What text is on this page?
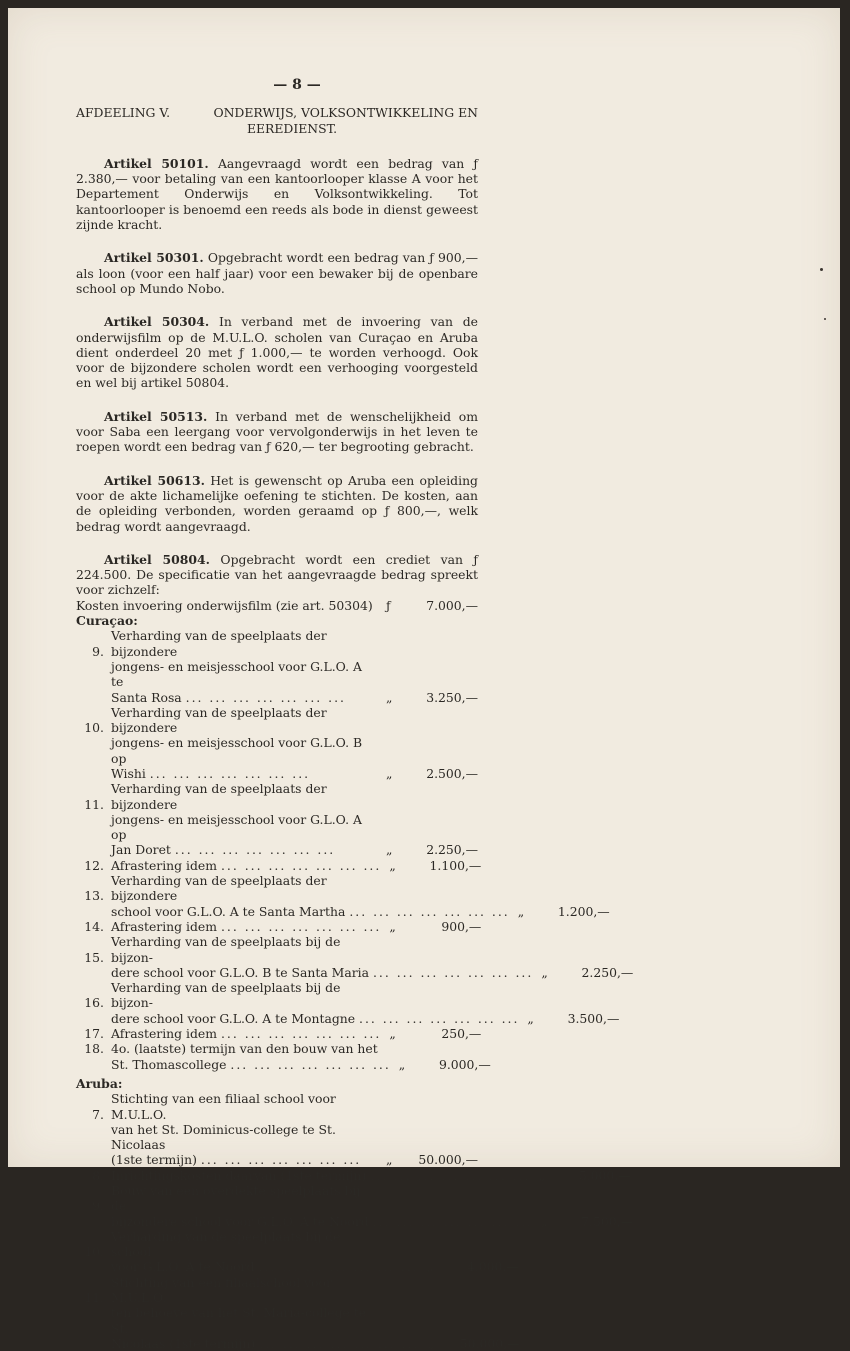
— 8 —
AFDEELING V.	ONDERWIJS, VOLKSONTWIKKELING EN
EEREDIENST.
Artikel 50101. Aangevraagd wordt een bedrag van ƒ 2.380,— voor betaling van een kantoorlooper klasse A voor het Departement Onderwijs en Volksontwikkeling. Tot kantoorlooper is benoemd een reeds als bode in dienst geweest zijnde kracht.
Artikel 50301. Opgebracht wordt een bedrag van ƒ 900,— als loon (voor een half jaar) voor een bewaker bij de openbare school op Mundo Nobo.
Artikel 50304. In verband met de invoering van de onderwijsfilm op de M.U.L.O. scholen van Curaçao en Aruba dient onderdeel 20 met ƒ 1.000,— te worden verhoogd. Ook voor de bijzondere scholen wordt een verhooging voorgesteld en wel bij artikel 50804.
Artikel 50513. In verband met de wenschelijkheid om voor Saba een leergang voor vervolgonderwijs in het leven te roepen wordt een bedrag van ƒ 620,— ter begrooting gebracht.
Artikel 50613. Het is gewenscht op Aruba een opleiding voor de akte lichamelijke oefening te stichten. De kosten, aan de opleiding verbonden, worden geraamd op ƒ 800,—, welk bedrag wordt aangevraagd.
Artikel 50804. Opgebracht wordt een crediet van ƒ 224.500. De specificatie van het aangevraagde bedrag spreekt voor zichzelf:
Kosten invoering onderwijsfilm (zie art. 50304)	ƒ	7.000,—
Curaçao:
9.
Verharding van de speelplaats der bijzondere
jongens- en meisjesschool voor G.L.O. A te
Santa Rosa ... ... ... ... ... ... ...	„	3.250,—
10.
Verharding van de speelplaats der bijzondere
jongens- en meisjesschool voor G.L.O. B op
Wishi ... ... ... ... ... ... ...	„	2.500,—
11.
Verharding van de speelplaats der bijzondere
jongens- en meisjesschool voor G.L.O. A op
Jan Doret ... ... ... ... ... ... ...	„	2.250,—
12. Afrastering idem ... ... ... ... ... ... ... „	1.100,—
13.
Verharding van de speelplaats der bijzondere
school voor G.L.O. A te Santa Martha ... ... ... ... ... ... ... „	1.200,—
14. Afrastering idem ... ... ... ... ... ... ... „	900,—
15.
Verharding van de speelplaats bij de bijzon-
dere school voor G.L.O. B te Santa Maria ... ... ... ... ... ... ... „	2.250,—
16.
Verharding van de speelplaats bij de bijzon-
dere school voor G.L.O. A te Montagne ... ... ... ... ... ... ... „	3.500,—
17. Afrastering idem ... ... ... ... ... ... ... „	250,—
18. 4o. (laatste) termijn van den bouw van het
St. Thomascollege ... ... ... ... ... ... ... „	9.000,—
Aruba:
7.
Stichting van een filiaal school voor M.U.L.O.
van het St. Dominicus-college te St. Nicolaas
(1ste termijn) ... ... ... ... ... ... ...	„	50.000,—
8. Inrichtingskosten daarvan (1ste termijn) ... ... ... ... ... ... ... „	5.000,—
9.
Bouw van een overdekte speelplaats bij de
bijzondere school voor G.L.O. A te Noord ... ... ... ... ... ... ... „	7.500,—
10.
Verharding van de speelplaats bij de school
voor G.L.O. A te Noord ... ... ... ... ... ... ... „	4.000,—
11.
Stichting van een filiaalschool voor M.U.L.O.
ten behoeve van het St. Maria-college te St.
Nicolaas (1ste termijn) ... ... ... ... ... ... ... „	50.000,—
